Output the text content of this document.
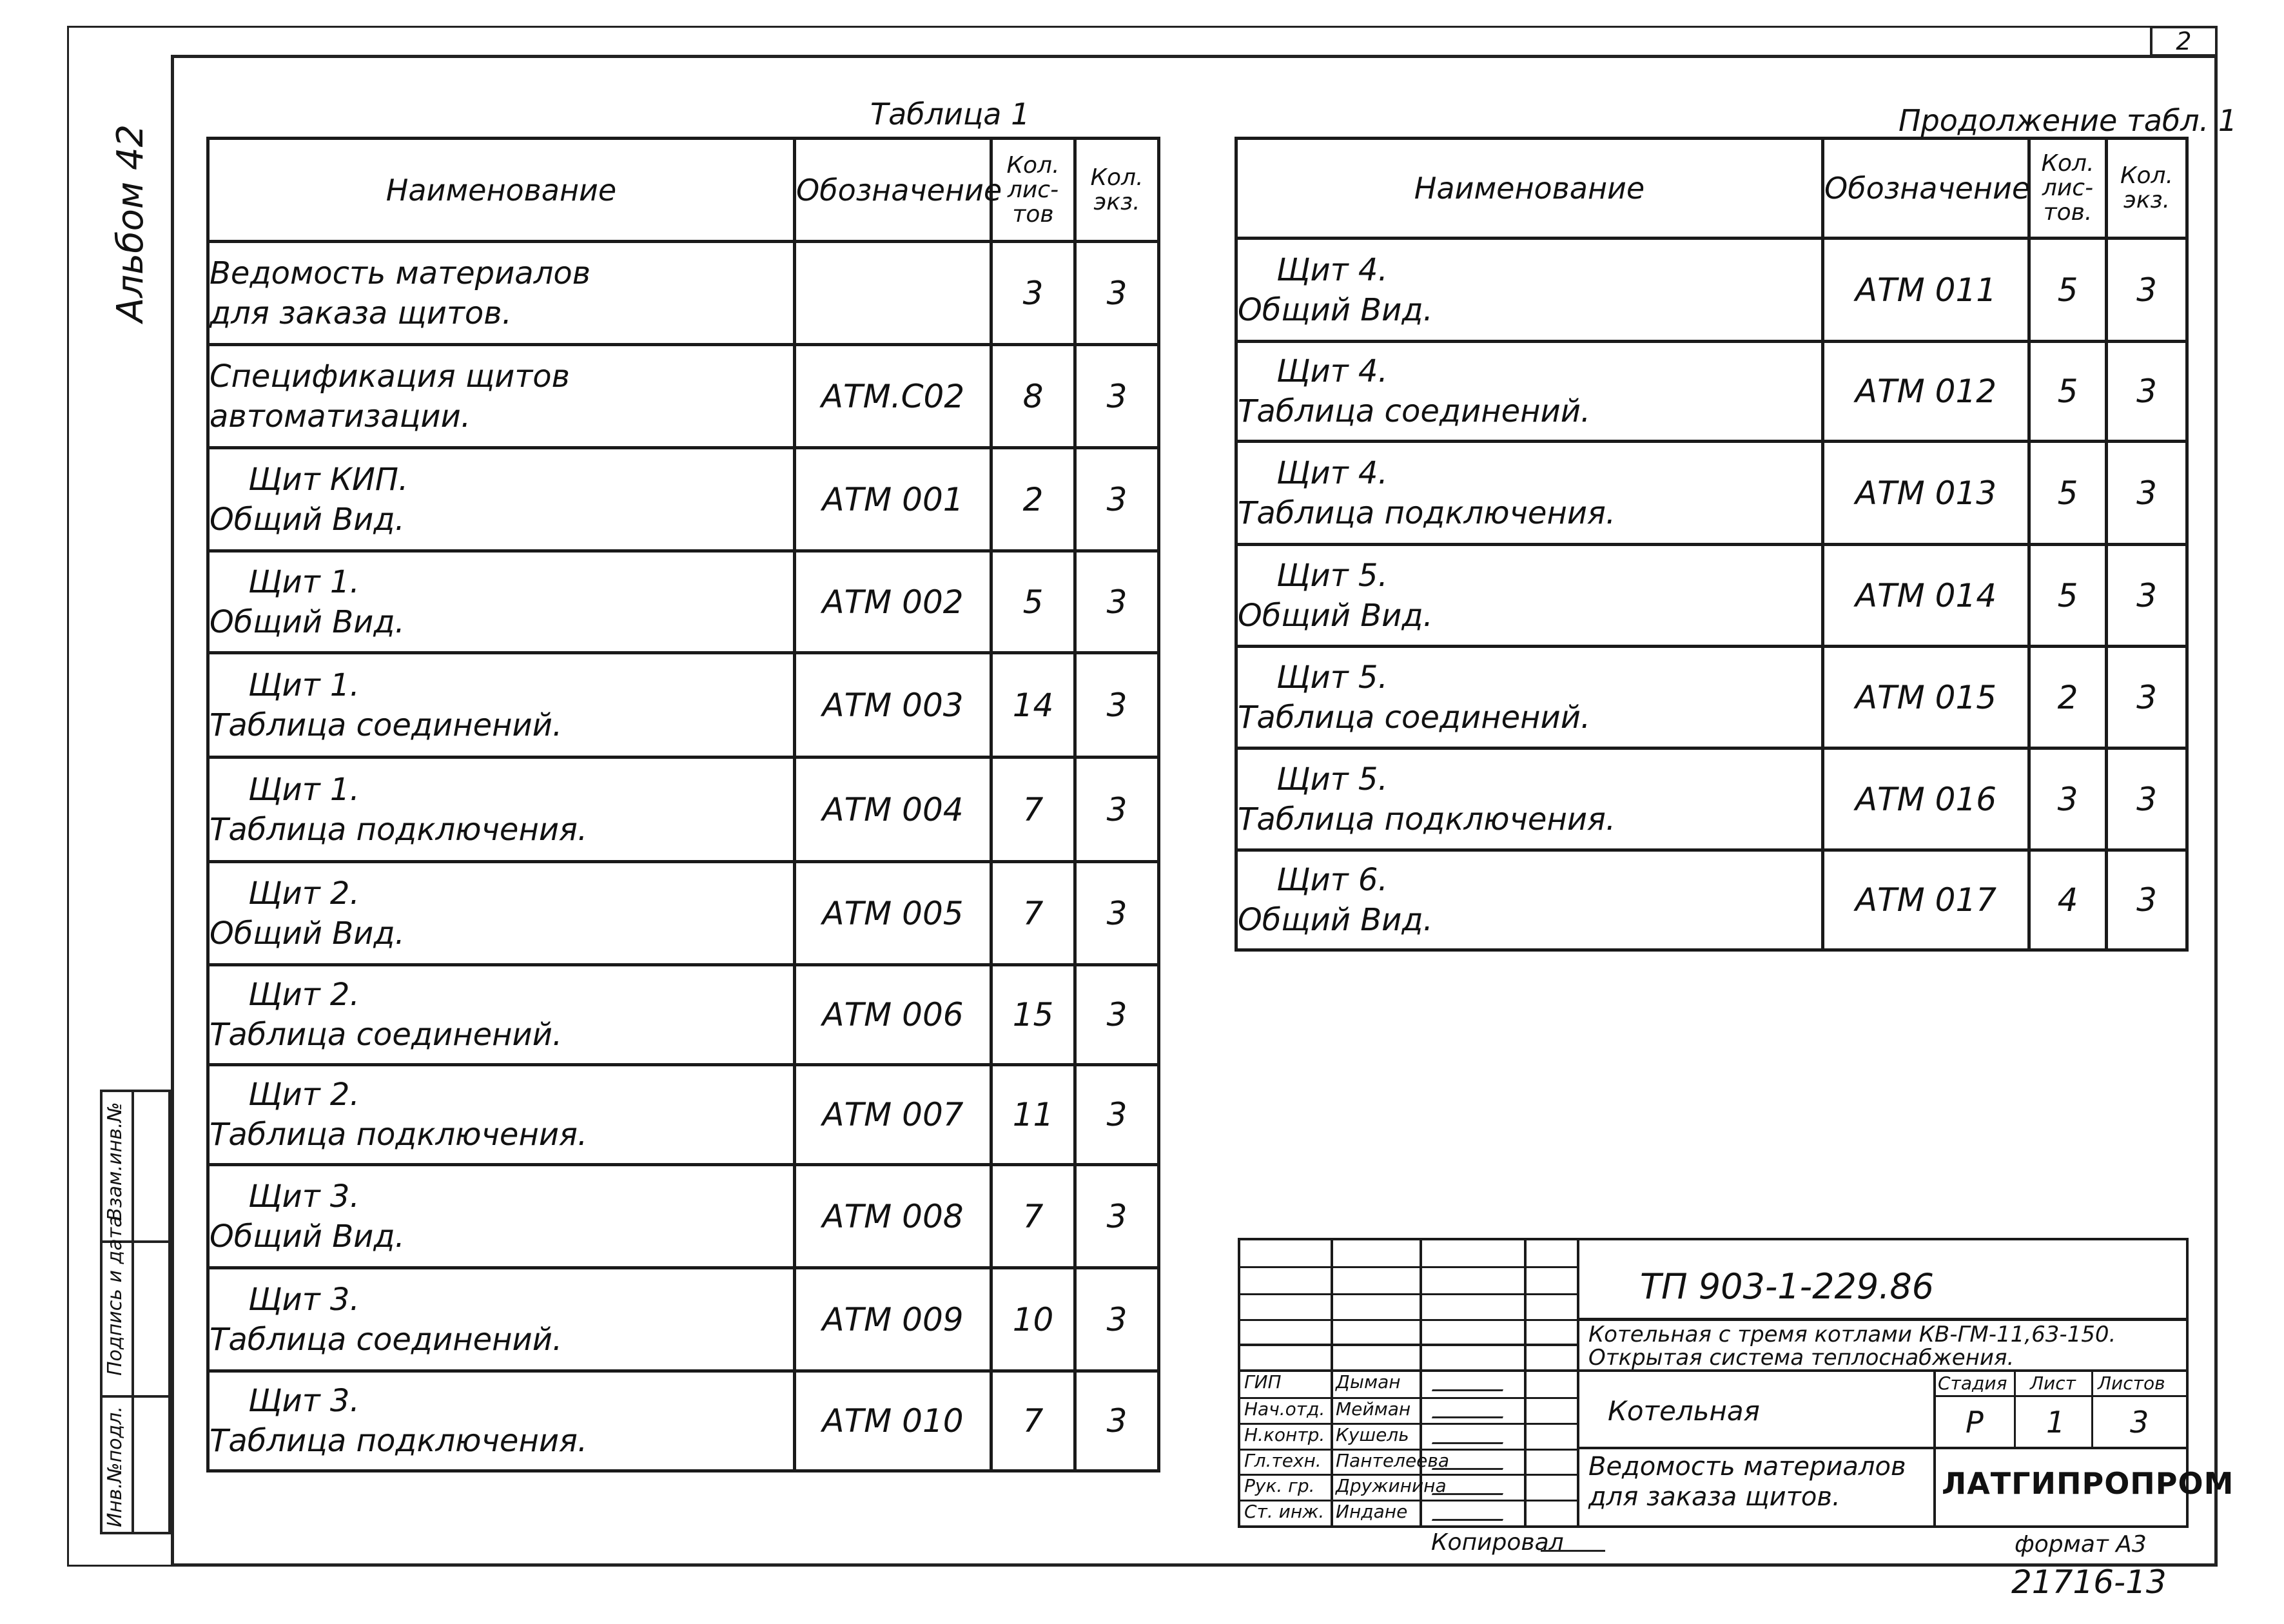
2
Альбом 42
Взам.инв.№
Подпись и дата
Инв.№подл.
Таблица 1
Наименование	Обозначение	Кол.
лис-
тов	Кол.
экз.

Ведомость материалов
для заказа щитов.		3	3

Спецификация щитов
автоматизации.	АТМ.С02	8	3

Щит КИП.
Общий Вид.	АТМ 001	2	3

Щит 1.
Общий Вид.	АТМ 002	5	3

Щит 1.
Таблица соединений.	АТМ 003	14	3

Щит 1.
Таблица подключения.	АТМ 004	7	3

Щит 2.
Общий Вид.	АТМ 005	7	3

Щит 2.
Таблица соединений.	АТМ 006	15	3

Щит 2.
Таблица подключения.	АТМ 007	11	3

Щит 3.
Общий Вид.	АТМ 008	7	3

Щит 3.
Таблица соединений.	АТМ 009	10	3

Щит 3.
Таблица подключения.	АТМ 010	7	3
Продолжение табл. 1
Наименование	Обозначение	Кол.
лис-
тов.	Кол.
экз.

Щит 4.
Общий Вид.	АТМ 011	5	3

Щит 4.
Таблица соединений.	АТМ 012	5	3

Щит 4.
Таблица подключения.	АТМ 013	5	3

Щит 5.
Общий Вид.	АТМ 014	5	3

Щит 5.
Таблица соединений.	АТМ 015	2	3

Щит 5.
Таблица подключения.	АТМ 016	3	3

Щит 6.
Общий Вид.	АТМ 017	4	3
ТП 903-1-229.86
Котельная с тремя котлами КВ-ГМ-11,63-150.
Открытая система теплоснабжения.
Котельная
Ведомость материалов
для заказа щитов.
Стадия Лист Листов
Р 1 3
ЛАТГИПРОПРОМ
ГИП	Дыман
Нач.отд. Мейман
Н.контр. Кушель
Гл.техн. Пантелеева
Рук. гр. Дружинина
Ст. инж. Индане
Копировал	формат А3
21716-13
